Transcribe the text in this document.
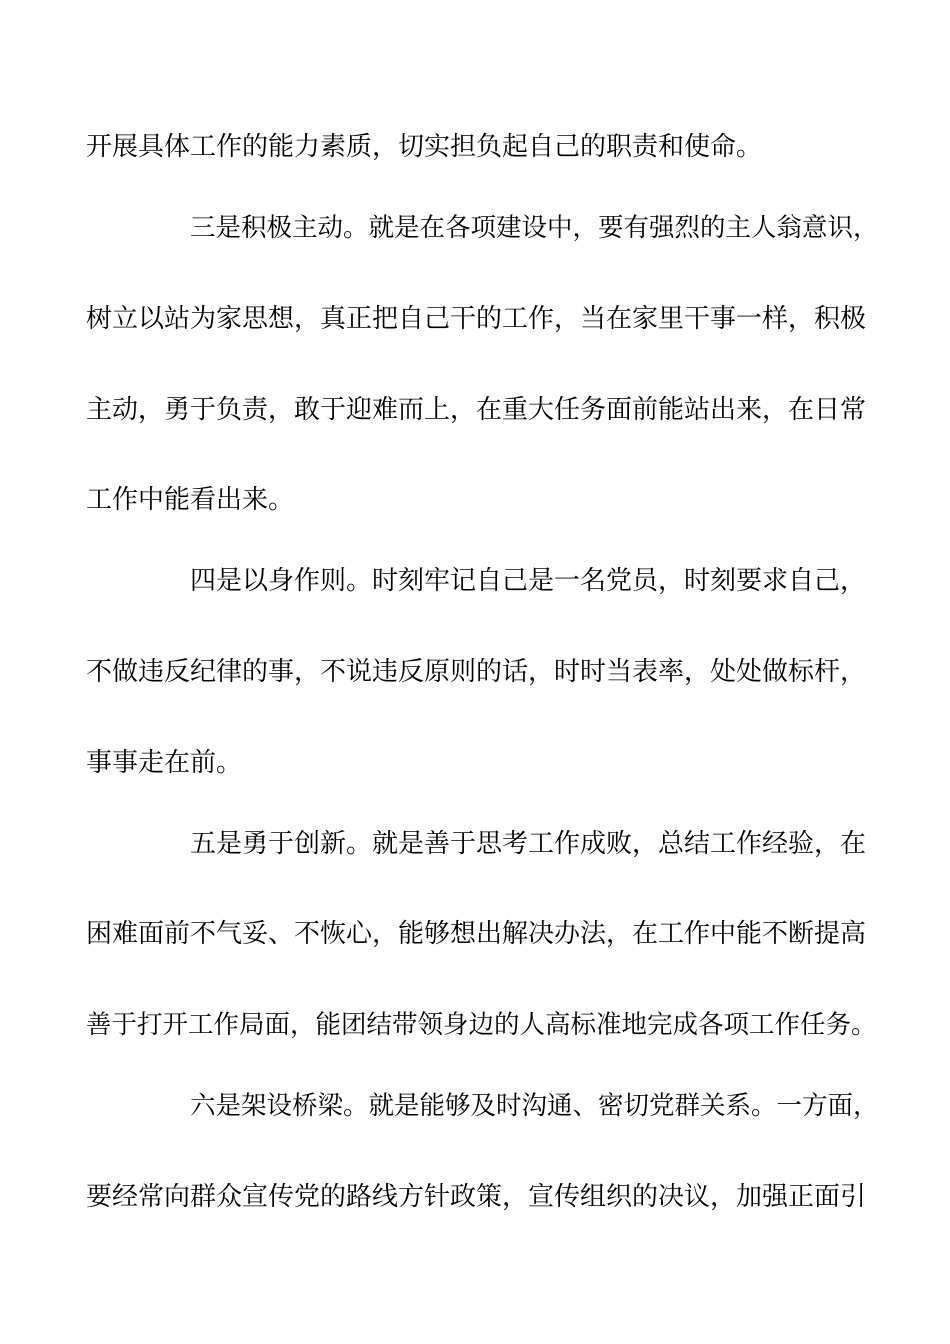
开展具体工作的能力素质，切实担负起自己的职责和使命。
三是积极主动。就是在各项建设中，要有强烈的主人翁意识，
树立以站为家思想，真正把自己干的工作，当在家里干事一样，积极
主动，勇于负责，敢于迎难而上，在重大任务面前能站出来，在日常
工作中能看出来。
四是以身作则。时刻牢记自己是一名党员，时刻要求自己，
不做违反纪律的事，不说违反原则的话，时时当表率，处处做标杆，
事事走在前。
五是勇于创新。就是善于思考工作成败，总结工作经验，在
困难面前不气妥、不恢心，能够想出解决办法，在工作中能不断提高
善于打开工作局面，能团结带领身边的人高标准地完成各项工作任务。
六是架设桥梁。就是能够及时沟通、密切党群关系。一方面，
要经常向群众宣传党的路线方针政策，宣传组织的决议，加强正面引
